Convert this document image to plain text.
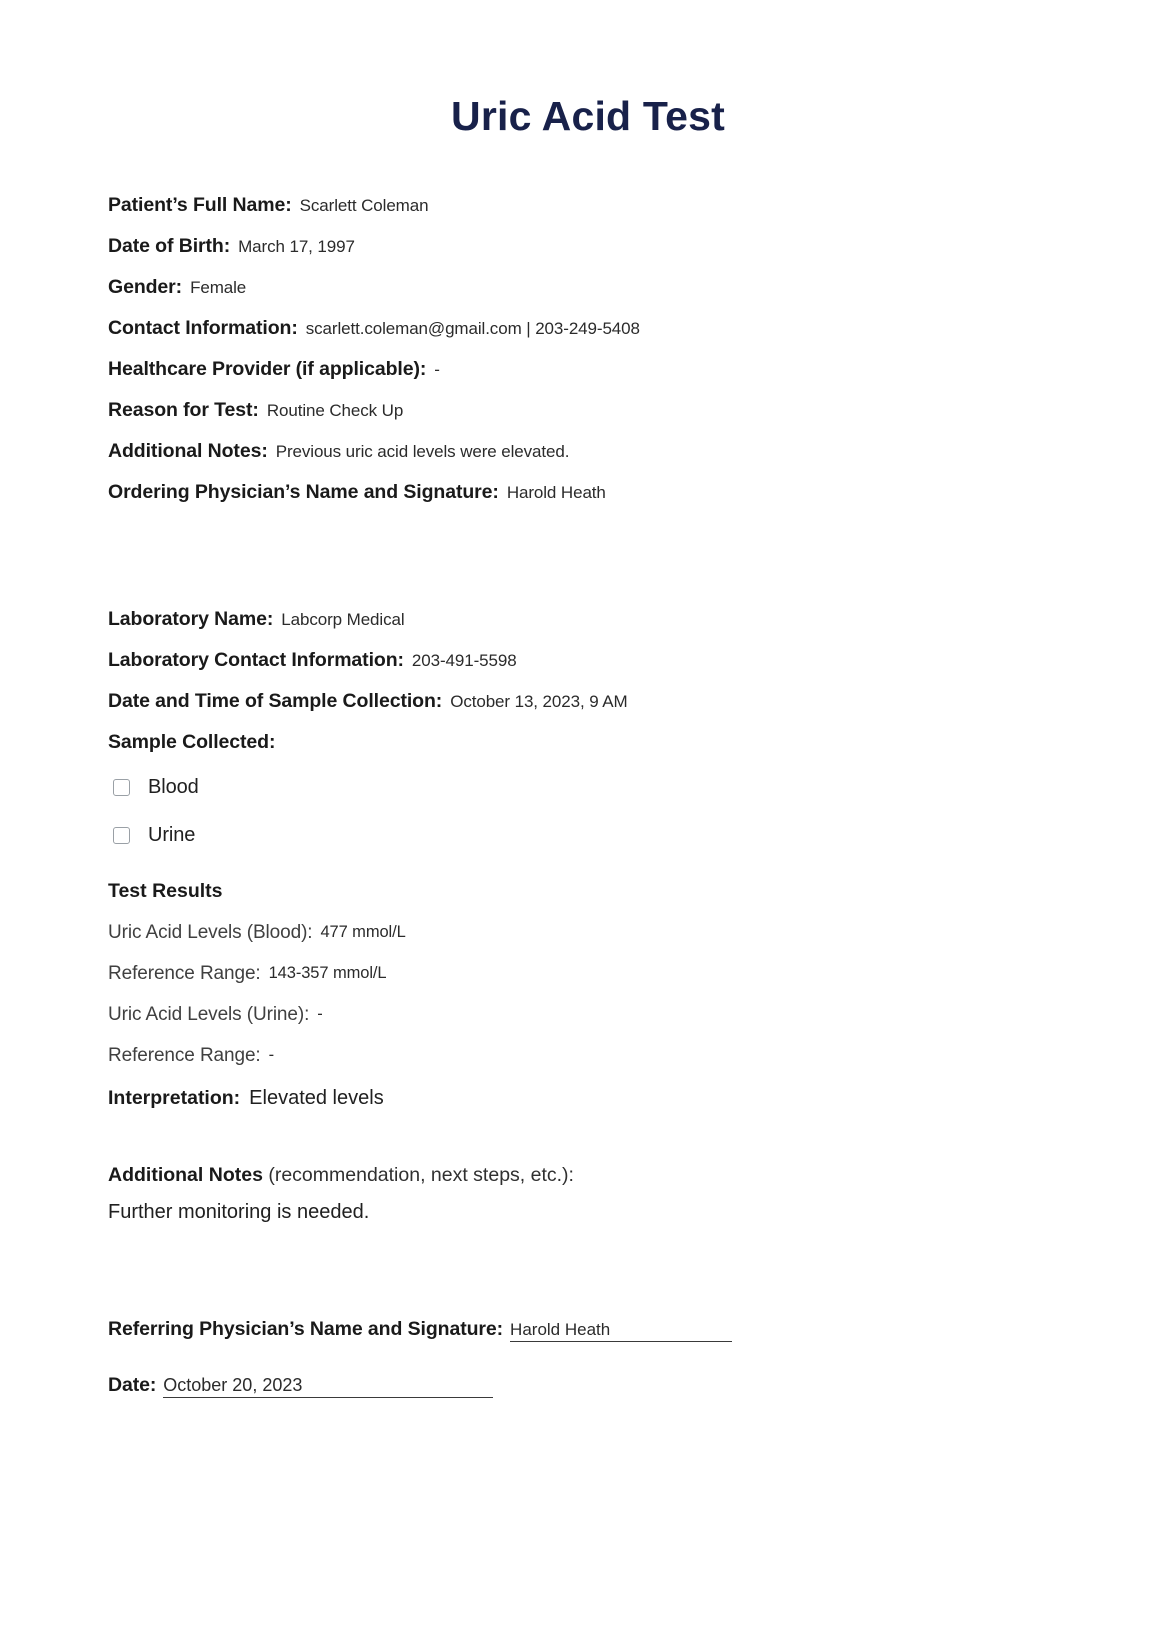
Uric Acid Test
Patient’s Full Name: Scarlett Coleman
Date of Birth: March 17, 1997
Gender: Female
Contact Information: scarlett.coleman@gmail.com | 203-249-5408
Healthcare Provider (if applicable): -
Reason for Test: Routine Check Up
Additional Notes: Previous uric acid levels were elevated.
Ordering Physician’s Name and Signature: Harold Heath
Laboratory Name: Labcorp Medical
Laboratory Contact Information: 203-491-5598
Date and Time of Sample Collection: October 13, 2023, 9 AM
Sample Collected:
Blood
Urine
Test Results
Uric Acid Levels (Blood): 477 mmol/L
Reference Range: 143-357 mmol/L
Uric Acid Levels (Urine): -
Reference Range: -
Interpretation: Elevated levels
Additional Notes (recommendation, next steps, etc.):
Further monitoring is needed.
Referring Physician’s Name and Signature: Harold Heath
Date: October 20, 2023
